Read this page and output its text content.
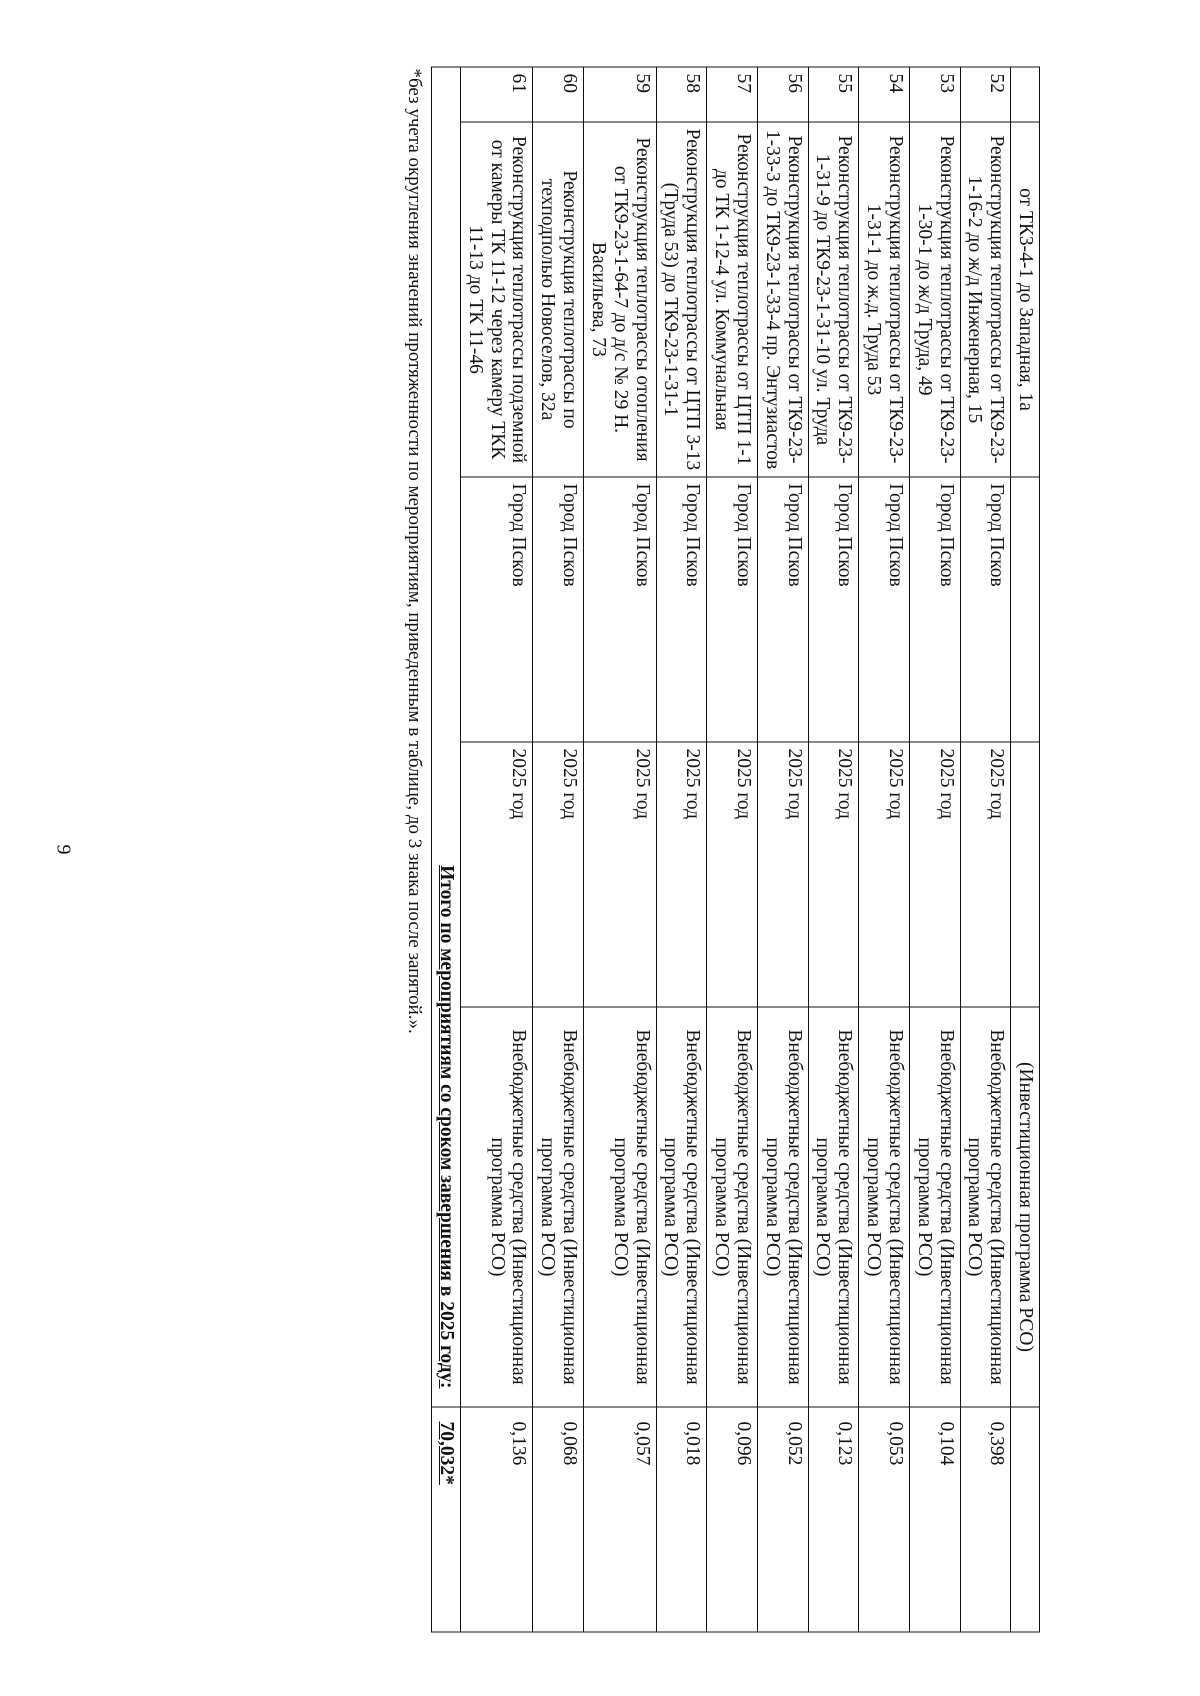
9
	от ТК3-4-1 до Западная, 1а			(Инвестиционная программа РСО)	
52	Реконструкция теплотрассы от ТК9-23-1-16-2 до ж/д Инженерная, 15	Город Псков	2025 год	Внебюджетные средства (Инвестиционная программа РСО)	0,398
53	Реконструкция теплотрассы от ТК9-23-1-30-1 до ж/д Труда, 49	Город Псков	2025 год	Внебюджетные средства (Инвестиционная программа РСО)	0,104
54	Реконструкция теплотрассы от ТК9-23-1-31-1 до ж.д. Труда 53	Город Псков	2025 год	Внебюджетные средства (Инвестиционная программа РСО)	0,053
55	Реконструкция теплотрассы от ТК9-23-1-31-9 до ТК9-23-1-31-10 ул. Труда	Город Псков	2025 год	Внебюджетные средства (Инвестиционная программа РСО)	0,123
56	Реконструкция теплотрассы от ТК9-23-1-33-3 до ТК9-23-1-33-4 пр. Энтузиастов	Город Псков	2025 год	Внебюджетные средства (Инвестиционная программа РСО)	0,052
57	Реконструкция теплотрассы от ЦТП 1-1 до ТК 1-12-4 ул. Коммунальная	Город Псков	2025 год	Внебюджетные средства (Инвестиционная программа РСО)	0,096
58	Реконструкция теплотрассы от ЦТП 3-13 (Труда 53) до ТК9-23-1-31-1	Город Псков	2025 год	Внебюджетные средства (Инвестиционная программа РСО)	0,018
59	Реконструкция теплотрассы отопления от ТК9-23-1-64-7 до д/с № 29 Н. Васильева, 73	Город Псков	2025 год	Внебюджетные средства (Инвестиционная программа РСО)	0,057
60	Реконструкция теплотрассы по техподполью Новоселов, 32а	Город Псков	2025 год	Внебюджетные средства (Инвестиционная программа РСО)	0,068
61	Реконструкция теплотрассы подземной от камеры ТК 11-12 через камеру ТКК 11-13 до ТК 11-46	Город Псков	2025 год	Внебюджетные средства (Инвестиционная программа РСО)	0,136
Итого по мероприятиям со сроком завершения в 2025 году:					70,032*
*без учета округления значений протяженности по мероприятиям, приведенным в таблице, до 3 знака после запятой.».
